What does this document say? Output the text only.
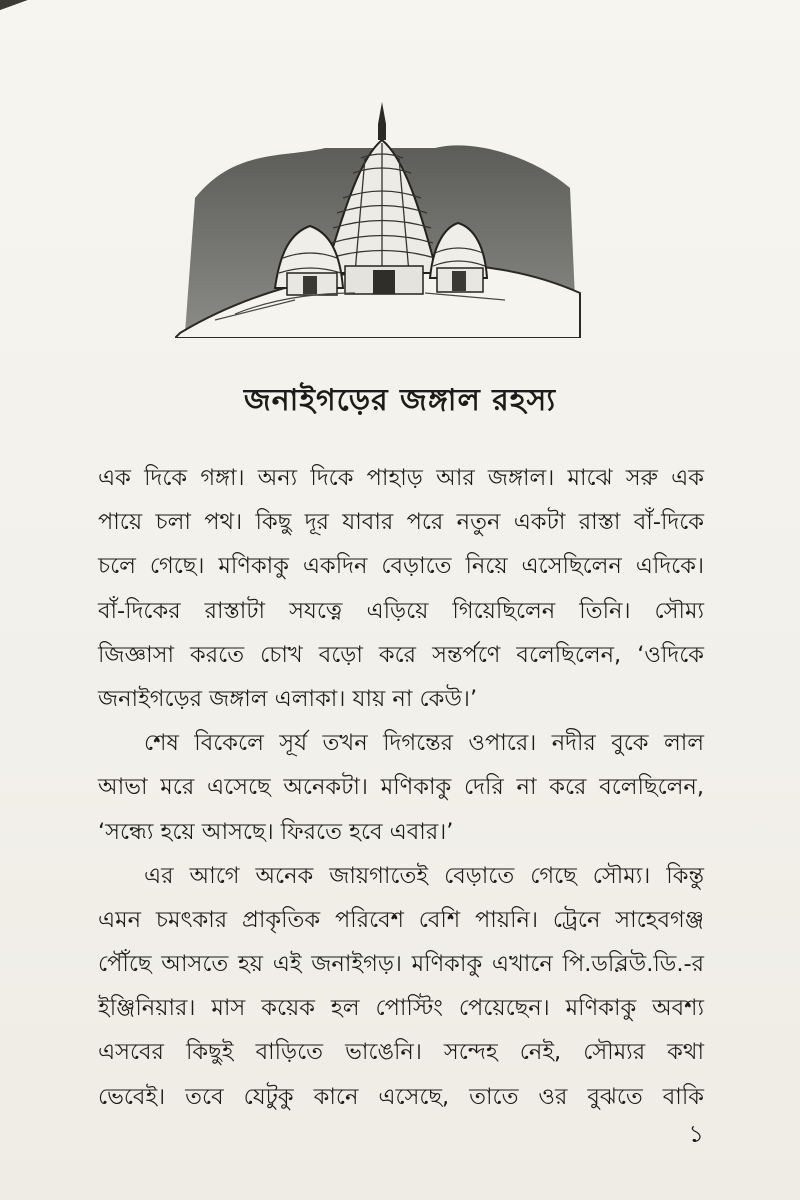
জনাইগড়ের জঙ্গাল রহস্য
এক দিকে গঙ্গা। অন্য দিকে পাহাড় আর জঙ্গাল। মাঝে সরু এক
পায়ে চলা পথ। কিছু দূর যাবার পরে নতুন একটা রাস্তা বাঁ-দিকে
চলে গেছে। মণিকাকু একদিন বেড়াতে নিয়ে এসেছিলেন এদিকে।
বাঁ-দিকের রাস্তাটা সযত্নে এড়িয়ে গিয়েছিলেন তিনি। সৌম্য
জিজ্ঞাসা করতে চোখ বড়ো করে সন্তর্পণে বলেছিলেন, ‘ওদিকে
জনাইগড়ের জঙ্গাল এলাকা। যায় না কেউ।’
শেষ বিকেলে সূর্য তখন দিগন্তের ওপারে। নদীর বুকে লাল
আভা মরে এসেছে অনেকটা। মণিকাকু দেরি না করে বলেছিলেন,
‘সন্ধ্যে হয়ে আসছে। ফিরতে হবে এবার।’
এর আগে অনেক জায়গাতেই বেড়াতে গেছে সৌম্য। কিন্তু
এমন চমৎকার প্রাকৃতিক পরিবেশ বেশি পায়নি। ট্রেনে সাহেবগঞ্জ
পৌঁছে আসতে হয় এই জনাইগড়। মণিকাকু এখানে পি.ডব্লিউ.ডি.-র
ইঞ্জিনিয়ার। মাস কয়েক হল পোস্টিং পেয়েছেন। মণিকাকু অবশ্য
এসবের কিছুই বাড়িতে ভাঙেনি। সন্দেহ নেই, সৌম্যর কথা
ভেবেই। তবে যেটুকু কানে এসেছে, তাতে ওর বুঝতে বাকি
১
